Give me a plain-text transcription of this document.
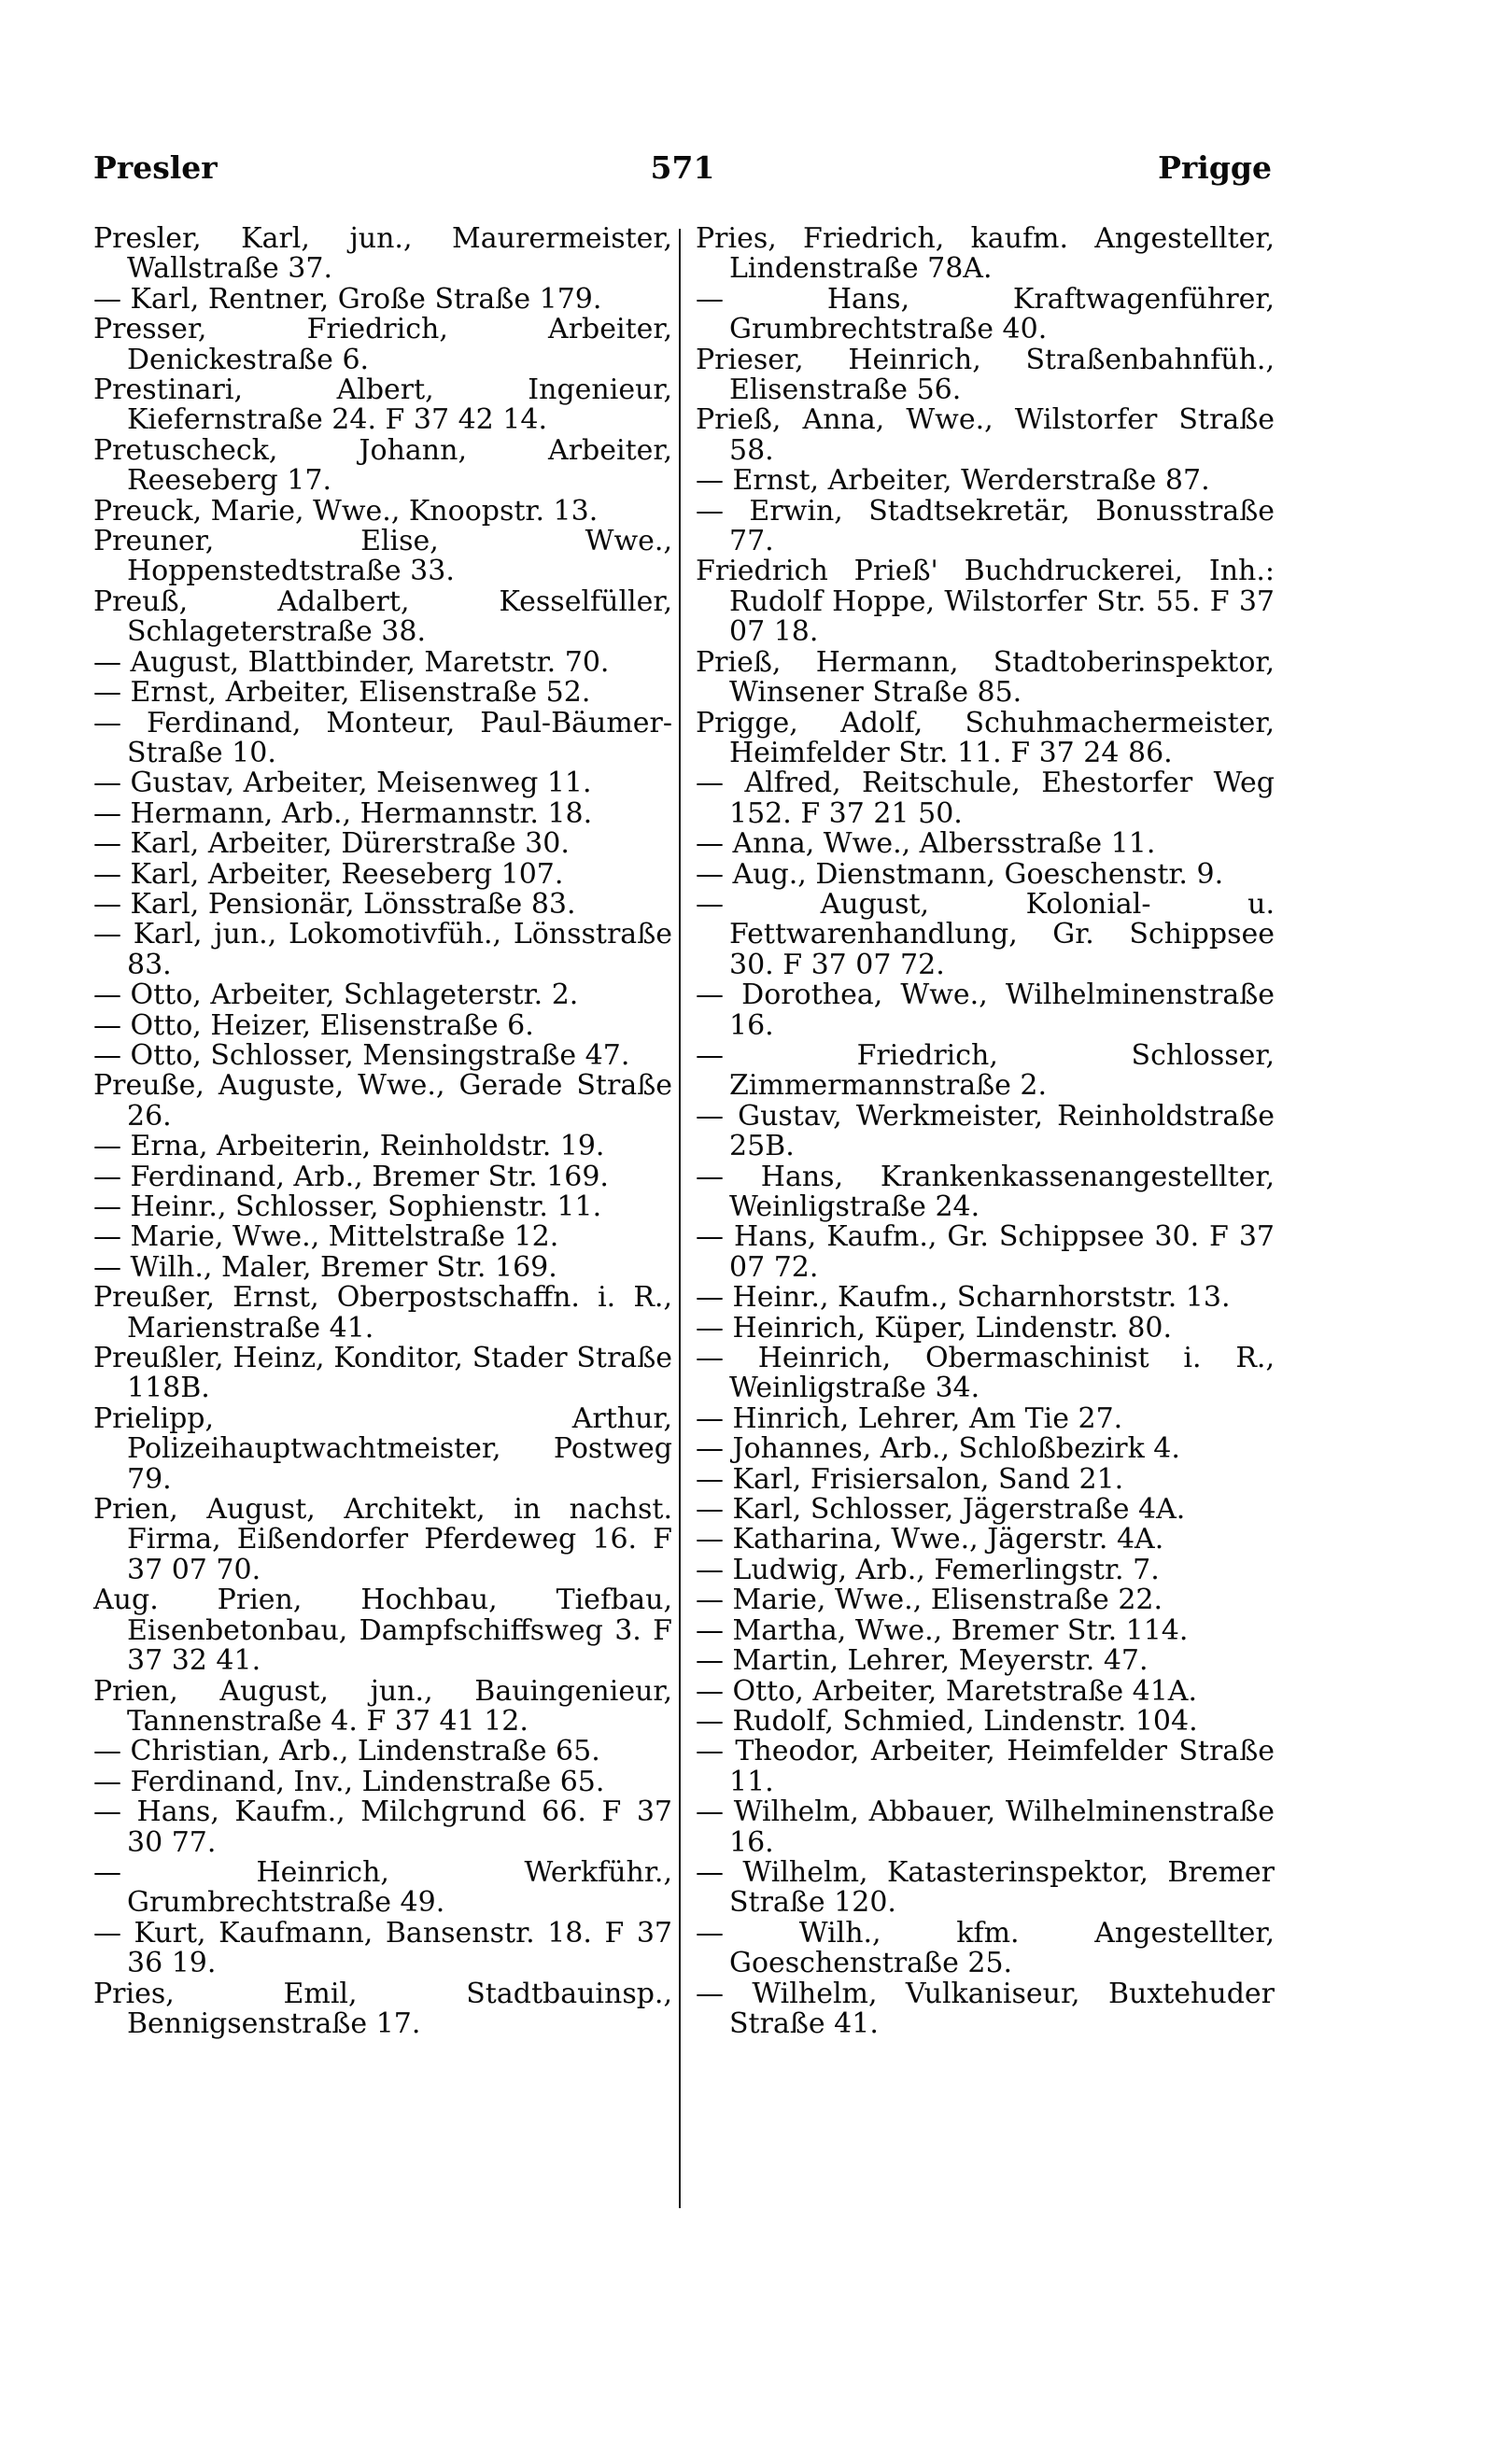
571
Presler	Prigge

Presler, Karl, jun., Maurermeister, Wallstraße 37.

— Karl, Rentner, Große Straße 179.

Presser, Friedrich, Arbeiter, Denickestraße 6.

Prestinari, Albert, Ingenieur, Kiefernstraße 24. F 37 42 14.

Pretuscheck, Johann, Arbeiter, Reeseberg 17.

Preuck, Marie, Wwe., Knoopstr. 13.

Preuner, Elise, Wwe., Hoppenstedtstraße 33.

Preuß, Adalbert, Kesselfüller, Schlageterstraße 38.

— August, Blattbinder, Maretstr. 70.

— Ernst, Arbeiter, Elisenstraße 52.

— Ferdinand, Monteur, Paul-Bäumer-Straße 10.

— Gustav, Arbeiter, Meisenweg 11.

— Hermann, Arb., Hermannstr. 18.

— Karl, Arbeiter, Dürerstraße 30.

— Karl, Arbeiter, Reeseberg 107.

— Karl, Pensionär, Lönsstraße 83.

— Karl, jun., Lokomotivfüh., Lönsstraße 83.

— Otto, Arbeiter, Schlageterstr. 2.

— Otto, Heizer, Elisenstraße 6.

— Otto, Schlosser, Mensingstraße 47.

Preuße, Auguste, Wwe., Gerade Straße 26.

— Erna, Arbeiterin, Reinholdstr. 19.

— Ferdinand, Arb., Bremer Str. 169.

— Heinr., Schlosser, Sophienstr. 11.

— Marie, Wwe., Mittelstraße 12.

— Wilh., Maler, Bremer Str. 169.

Preußer, Ernst, Oberpostschaffn. i. R., Marienstraße 41.

Preußler, Heinz, Konditor, Stader Straße 118B.

Prielipp, Arthur, Polizeihauptwachtmeister, Postweg 79.

Prien, August, Architekt, in nachst. Firma, Eißendorfer Pferdeweg 16. F 37 07 70.

Aug. Prien, Hochbau, Tiefbau, Eisenbetonbau, Dampfschiffsweg 3. F 37 32 41.

Prien, August, jun., Bauingenieur, Tannenstraße 4. F 37 41 12.

— Christian, Arb., Lindenstraße 65.

— Ferdinand, Inv., Lindenstraße 65.

— Hans, Kaufm., Milchgrund 66. F 37 30 77.

— Heinrich, Werkführ., Grumbrechtstraße 49.

— Kurt, Kaufmann, Bansenstr. 18. F 37 36 19.

Pries, Emil, Stadtbauinsp., Bennigsenstraße 17.

Pries, Friedrich, kaufm. Angestellter, Lindenstraße 78A.

— Hans, Kraftwagenführer, Grumbrechtstraße 40.

Prieser, Heinrich, Straßenbahnfüh., Elisenstraße 56.

Prieß, Anna, Wwe., Wilstorfer Straße 58.

— Ernst, Arbeiter, Werderstraße 87.

— Erwin, Stadtsekretär, Bonusstraße 77.

Friedrich Prieß' Buchdruckerei, Inh.: Rudolf Hoppe, Wilstorfer Str. 55. F 37 07 18.

Prieß, Hermann, Stadtoberinspektor, Winsener Straße 85.

Prigge, Adolf, Schuhmachermeister, Heimfelder Str. 11. F 37 24 86.

— Alfred, Reitschule, Ehestorfer Weg 152. F 37 21 50.

— Anna, Wwe., Albersstraße 11.

— Aug., Dienstmann, Goeschenstr. 9.

— August, Kolonial- u. Fettwarenhandlung, Gr. Schippsee 30. F 37 07 72.

— Dorothea, Wwe., Wilhelminenstraße 16.

— Friedrich, Schlosser, Zimmermannstraße 2.

— Gustav, Werkmeister, Reinholdstraße 25B.

— Hans, Krankenkassenangestellter, Weinligstraße 24.

— Hans, Kaufm., Gr. Schippsee 30. F 37 07 72.

— Heinr., Kaufm., Scharnhorststr. 13.

— Heinrich, Küper, Lindenstr. 80.

— Heinrich, Obermaschinist i. R., Weinligstraße 34.

— Hinrich, Lehrer, Am Tie 27.

— Johannes, Arb., Schloßbezirk 4.

— Karl, Frisiersalon, Sand 21.

— Karl, Schlosser, Jägerstraße 4A.

— Katharina, Wwe., Jägerstr. 4A.

— Ludwig, Arb., Femerlingstr. 7.

— Marie, Wwe., Elisenstraße 22.

— Martha, Wwe., Bremer Str. 114.

— Martin, Lehrer, Meyerstr. 47.

— Otto, Arbeiter, Maretstraße 41A.

— Rudolf, Schmied, Lindenstr. 104.

— Theodor, Arbeiter, Heimfelder Straße 11.

— Wilhelm, Abbauer, Wilhelminenstraße 16.

— Wilhelm, Katasterinspektor, Bremer Straße 120.

— Wilh., kfm. Angestellter, Goeschenstraße 25.

— Wilhelm, Vulkaniseur, Buxtehuder Straße 41.
